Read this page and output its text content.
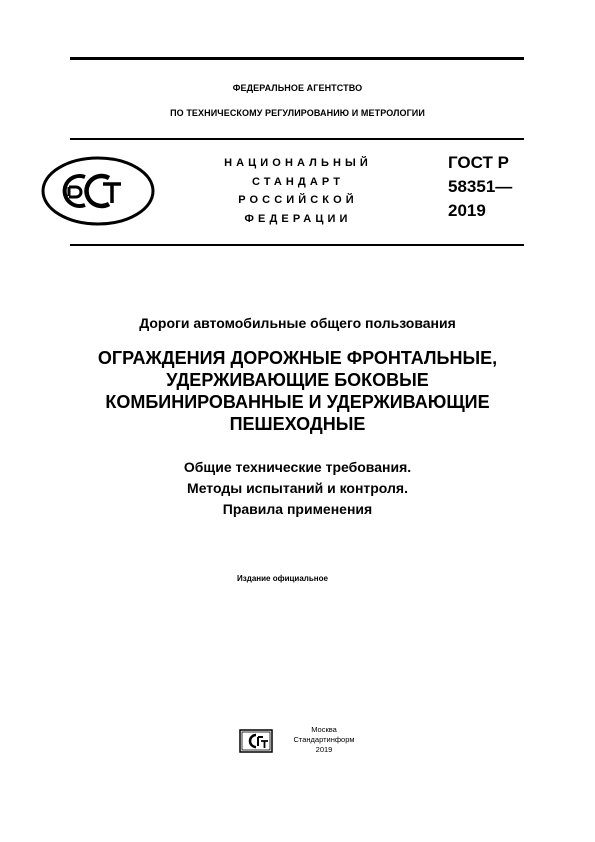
ФЕДЕРАЛЬНОЕ АГЕНТСТВО
ПО ТЕХНИЧЕСКОМУ РЕГУЛИРОВАНИЮ И МЕТРОЛОГИИ
НАЦИОНАЛЬНЫЙ
СТАНДАРТ
РОССИЙСКОЙ
ФЕДЕРАЦИИ
ГОСТ Р
58351—
2019
Дороги автомобильные общего пользования
ОГРАЖДЕНИЯ ДОРОЖНЫЕ ФРОНТАЛЬНЫЕ,
УДЕРЖИВАЮЩИЕ БОКОВЫЕ
КОМБИНИРОВАННЫЕ И УДЕРЖИВАЮЩИЕ
ПЕШЕХОДНЫЕ
Общие технические требования.
Методы испытаний и контроля.
Правила применения
Издание официальное
Москва
Стандартинформ
2019
